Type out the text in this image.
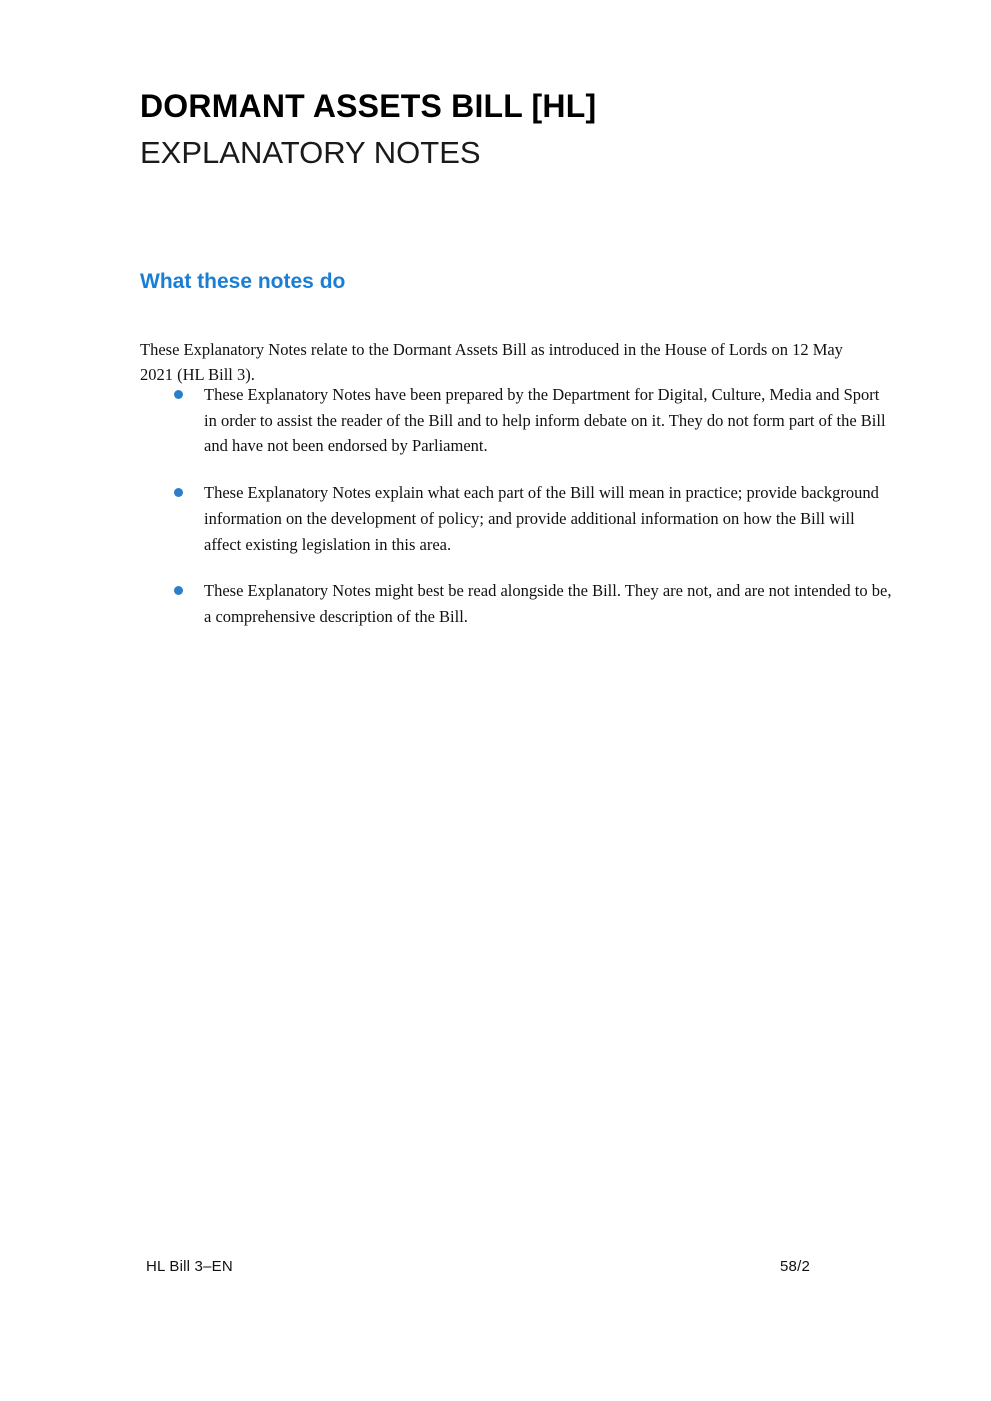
DORMANT ASSETS BILL [HL]
EXPLANATORY NOTES
What these notes do

These Explanatory Notes relate to the Dormant Assets Bill as introduced in the House of Lords on 12 May 2021 (HL Bill 3).

These Explanatory Notes have been prepared by the Department for Digital, Culture, Media and Sport in order to assist the reader of the Bill and to help inform debate on it. They do not form part of the Bill and have not been endorsed by Parliament.
These Explanatory Notes explain what each part of the Bill will mean in practice; provide background information on the development of policy; and provide additional information on how the Bill will affect existing legislation in this area.
These Explanatory Notes might best be read alongside the Bill. They are not, and are not intended to be, a comprehensive description of the Bill.
HL Bill 3–EN	58/2
